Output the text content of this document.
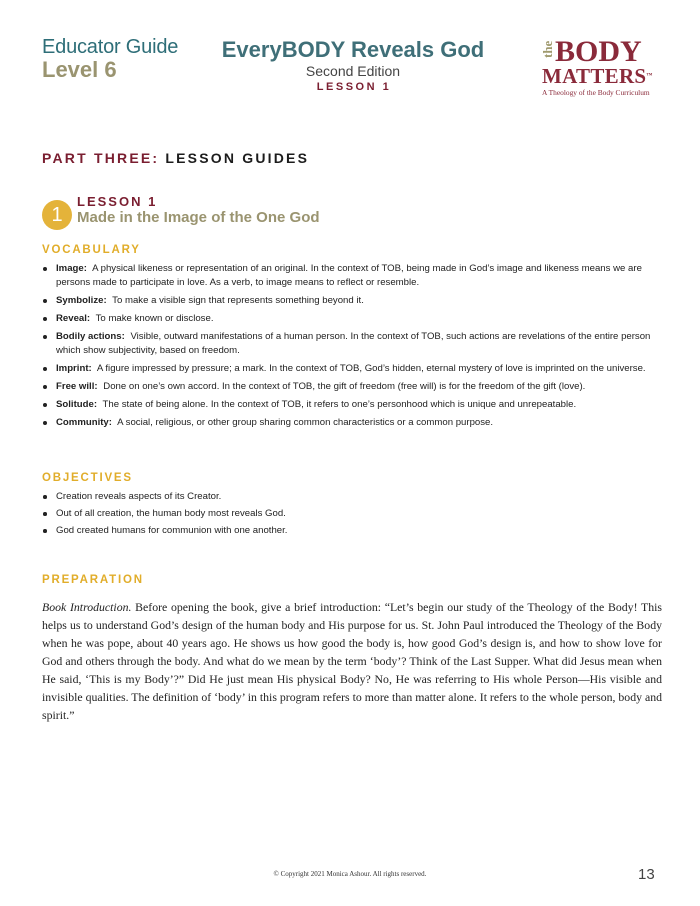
Educator Guide
Level 6
EveryBODY Reveals God
Second Edition
LESSON 1
the BODY
MATTERS™
A Theology of the Body Curriculum
PART THREE: LESSON GUIDES
1
LESSON 1
Made in the Image of the One God
VOCABULARY
Image: A physical likeness or representation of an original. In the context of TOB, being made in God’s image and likeness means we are persons made to participate in love. As a verb, to image means to reflect or resemble.
Symbolize: To make a visible sign that represents something beyond it.
Reveal: To make known or disclose.
Bodily actions: Visible, outward manifestations of a human person. In the context of TOB, such actions are revelations of the entire person which show subjectivity, based on freedom.
Imprint: A figure impressed by pressure; a mark. In the context of TOB, God’s hidden, eternal mystery of love is imprinted on the universe.
Free will: Done on one’s own accord. In the context of TOB, the gift of freedom (free will) is for the freedom of the gift (love).
Solitude: The state of being alone. In the context of TOB, it refers to one’s personhood which is unique and unrepeatable.
Community: A social, religious, or other group sharing common characteristics or a common purpose.
OBJECTIVES
Creation reveals aspects of its Creator.
Out of all creation, the human body most reveals God.
God created humans for communion with one another.
PREPARATION
Book Introduction. Before opening the book, give a brief introduction: “Let’s begin our study of the Theology of the Body! This helps us to understand God’s design of the human body and His purpose for us. St. John Paul introduced the Theology of the Body when he was pope, about 40 years ago. He shows us how good the body is, how good God’s design is, and how to show love for God and others through the body. And what do we mean by the term ‘body’? Think of the Last Supper. What did Jesus mean when He said, ‘This is my Body’?” Did He just mean His physical Body? No, He was referring to His whole Person—His visible and invisible qualities. The definition of ‘body’ in this program refers to more than matter alone. It refers to the whole person, body and spirit.”
© Copyright 2021 Monica Ashour. All rights reserved.	13
